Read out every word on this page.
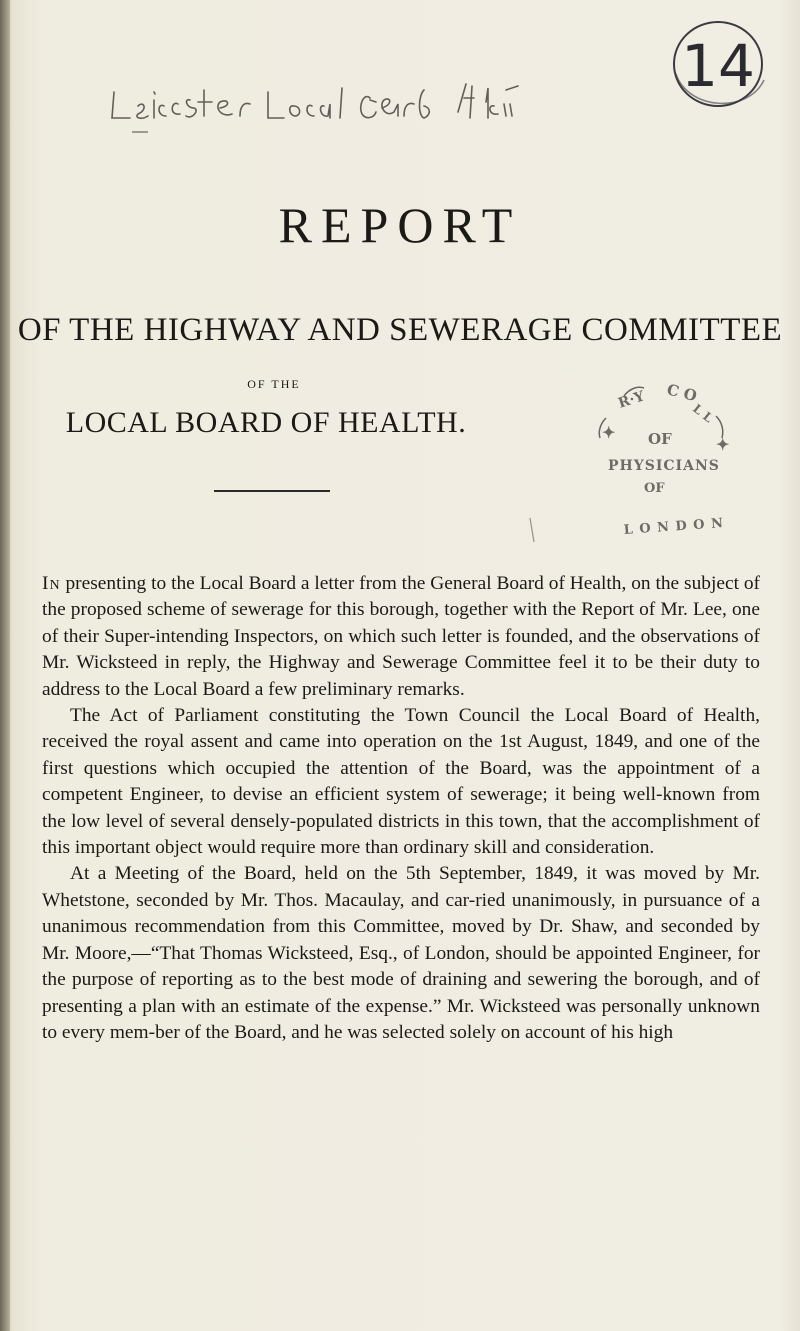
14
REPORT
OF THE HIGHWAY AND SEWERAGE COMMITTEE
OF THE
LOCAL BOARD OF HEALTH.
R·Y C O
L L
✦ OF	✦
PHYSICIANS
OF
L O N D O N

In presenting to the Local Board a letter from the General Board of Health, on the subject of the proposed scheme of sewerage for this borough, together with the Report of Mr. Lee, one of their Super-intending Inspectors, on which such letter is founded, and the observations of Mr. Wicksteed in reply, the Highway and Sewerage Committee feel it to be their duty to address to the Local Board a few preliminary remarks.

The Act of Parliament constituting the Town Council the Local Board of Health, received the royal assent and came into operation on the 1st August, 1849, and one of the first questions which occupied the attention of the Board, was the appointment of a competent Engineer, to devise an efficient system of sewerage; it being well-known from the low level of several densely-populated districts in this town, that the accomplishment of this important object would require more than ordinary skill and consideration.

At a Meeting of the Board, held on the 5th September, 1849, it was moved by Mr. Whetstone, seconded by Mr. Thos. Macaulay, and car-ried unanimously, in pursuance of a unanimous recommendation from this Committee, moved by Dr. Shaw, and seconded by Mr. Moore,—“That Thomas Wicksteed, Esq., of London, should be appointed Engineer, for the purpose of reporting as to the best mode of draining and sewering the borough, and of presenting a plan with an estimate of the expense.” Mr. Wicksteed was personally unknown to every mem-ber of the Board, and he was selected solely on account of his high
